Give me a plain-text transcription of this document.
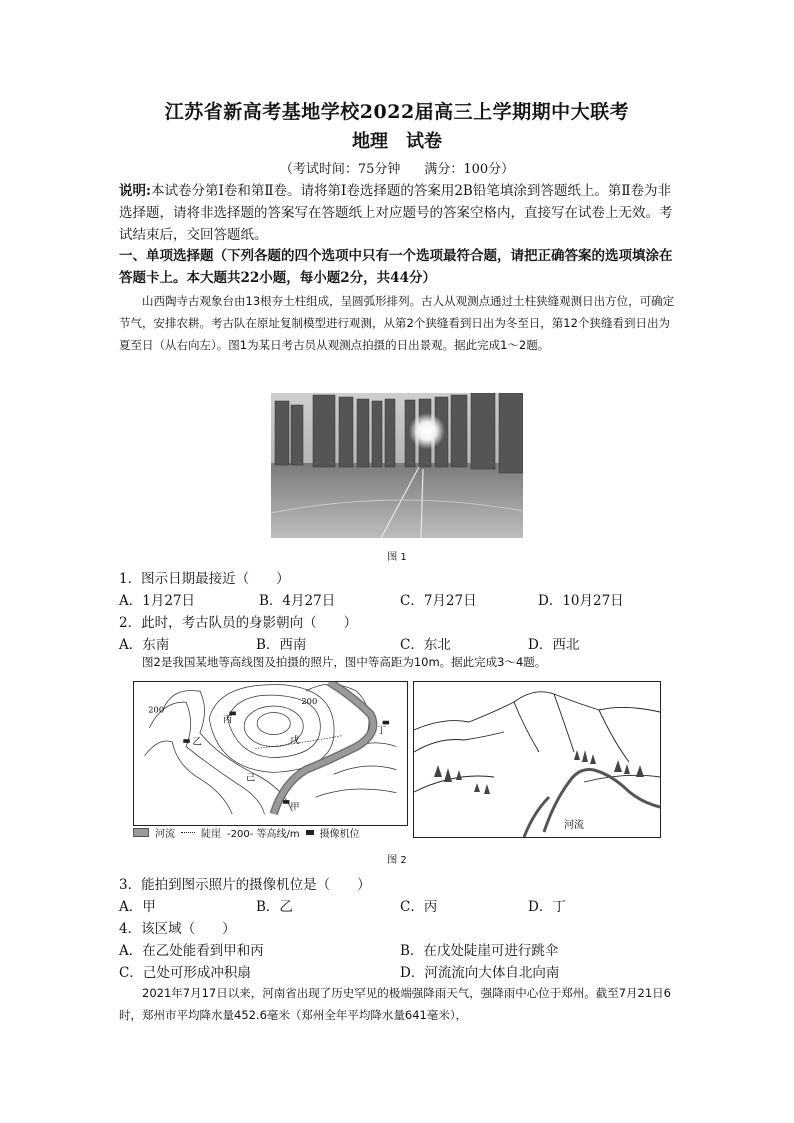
江苏省新高考基地学校2022届高三上学期期中大联考
地理 试卷
（考试时间：75分钟 满分：100分）
说明:本试卷分第Ⅰ卷和第Ⅱ卷。请将第Ⅰ卷选择题的答案用2B铅笔填涂到答题纸上。第Ⅱ卷为非选择题，请将非选择题的答案写在答题纸上对应题号的答案空格内，直接写在试卷上无效。考试结束后，交回答题纸。
一、单项选择题（下列各题的四个选项中只有一个选项最符合题，请把正确答案的选项填涂在答题卡上。本大题共22小题，每小题2分，共44分）
山西陶寺古观象台由13根夯土柱组成，呈圆弧形排列。古人从观测点通过土柱狭缝观测日出方位，可确定节气，安排农耕。考古队在原址复制模型进行观测，从第2个狭缝看到日出为冬至日，第12个狭缝看到日出为夏至日（从右向左）。图1为某日考古员从观测点拍摄的日出景观。据此完成1～2题。
图 1
1．图示日期最接近（　　）
A．1月27日	B．4月27日	C．7月27日	D．10月27日
2．此时，考古队员的身影朝向（　　）
A．东南	B．西南	C．东北	D．西北
图2是我国某地等高线图及拍摄的照片，图中等高距为10m。据此完成3～4题。
200
200
丙
乙	戊
丁
己
甲
河流	陡崖 -200- 等高线/m 摄像机位
河流
图 2
3．能拍到图示照片的摄像机位是（　　）
A．甲	B．乙	C．丙	D．丁
4．该区域（　　）
A．在乙处能看到甲和丙	B．在戊处陡崖可进行跳伞
C．己处可形成冲积扇	D．河流流向大体自北向南
2021年7月17日以来，河南省出现了历史罕见的极端强降雨天气，强降雨中心位于郑州。截至7月21日6时，郑州市平均降水量452.6毫米（郑州全年平均降水量641毫米），
